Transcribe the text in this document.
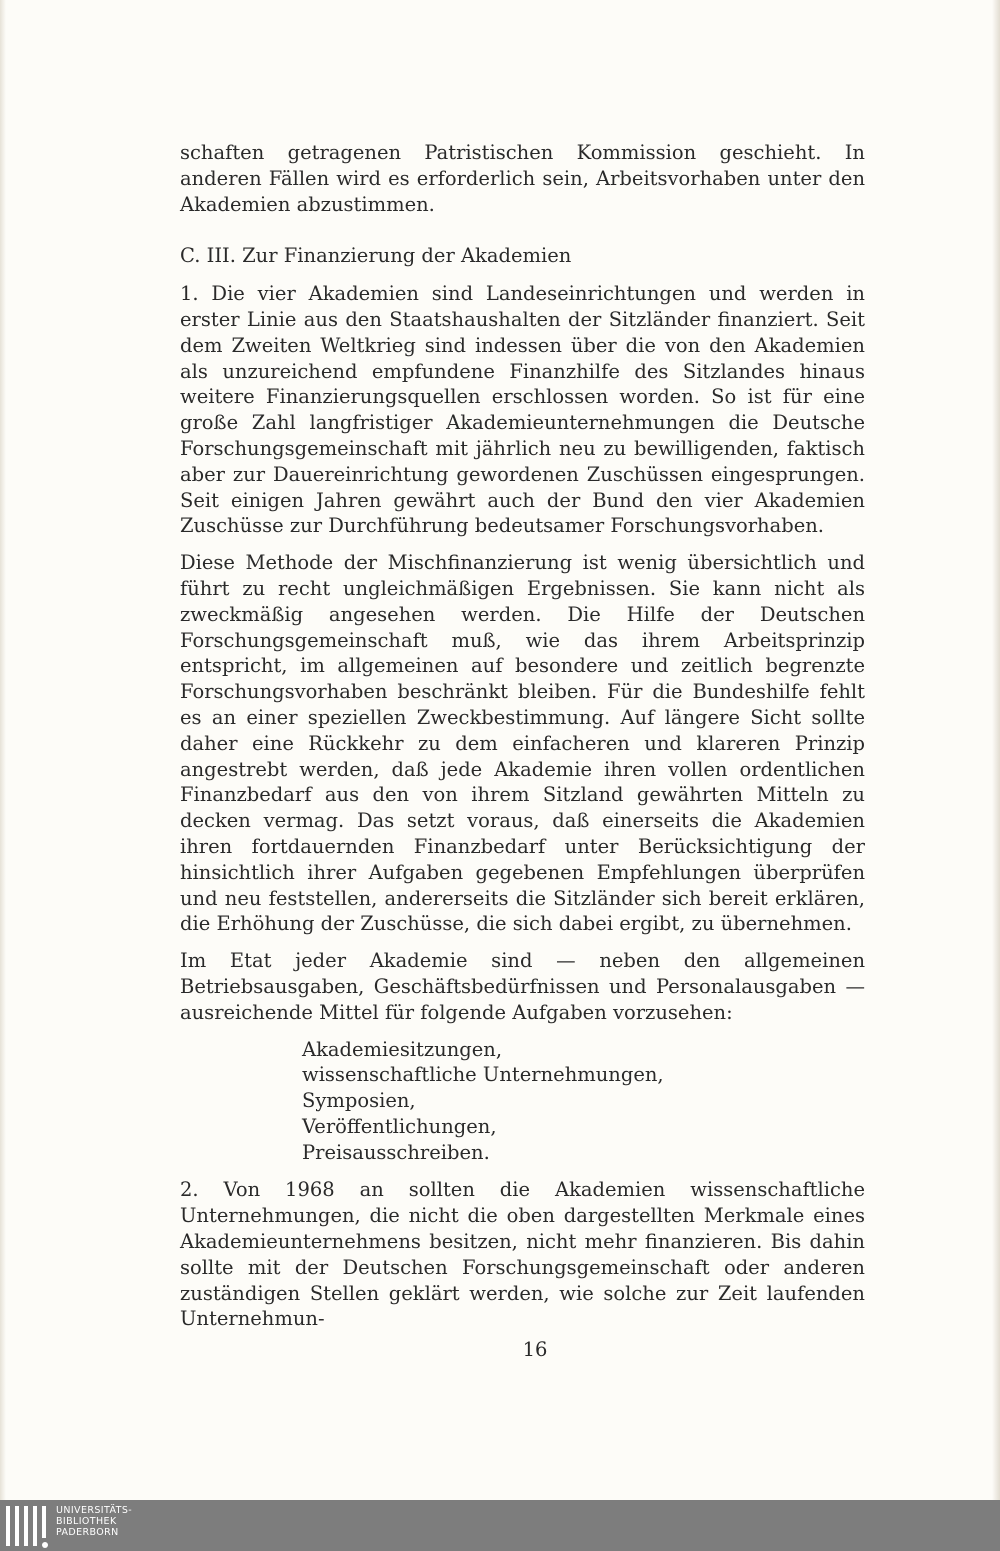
schaften getragenen Patristischen Kommission geschieht. In anderen Fällen wird es erforderlich sein, Arbeitsvorhaben unter den Akademien abzustimmen.

C. III. Zur Finanzierung der Akademien

1. Die vier Akademien sind Landeseinrichtungen und werden in erster Linie aus den Staatshaushalten der Sitzländer finanziert. Seit dem Zweiten Weltkrieg sind indessen über die von den Akademien als unzureichend empfundene Finanzhilfe des Sitzlandes hinaus weitere Finanzierungsquellen erschlossen worden. So ist für eine große Zahl langfristiger Akademieunternehmungen die Deutsche Forschungsgemeinschaft mit jährlich neu zu bewilligenden, faktisch aber zur Dauereinrichtung gewordenen Zuschüssen eingesprungen. Seit einigen Jahren gewährt auch der Bund den vier Akademien Zuschüsse zur Durchführung bedeutsamer Forschungsvorhaben.

Diese Methode der Mischfinanzierung ist wenig übersichtlich und führt zu recht ungleichmäßigen Ergebnissen. Sie kann nicht als zweckmäßig angesehen werden. Die Hilfe der Deutschen Forschungsgemeinschaft muß, wie das ihrem Arbeitsprinzip entspricht, im allgemeinen auf besondere und zeitlich begrenzte Forschungsvorhaben beschränkt bleiben. Für die Bundeshilfe fehlt es an einer speziellen Zweckbestimmung. Auf längere Sicht sollte daher eine Rückkehr zu dem einfacheren und klareren Prinzip angestrebt werden, daß jede Akademie ihren vollen ordentlichen Finanzbedarf aus den von ihrem Sitzland gewährten Mitteln zu decken vermag. Das setzt voraus, daß einerseits die Akademien ihren fortdauernden Finanzbedarf unter Berücksichtigung der hinsichtlich ihrer Aufgaben gegebenen Empfehlungen überprüfen und neu feststellen, andererseits die Sitzländer sich bereit erklären, die Erhöhung der Zuschüsse, die sich dabei ergibt, zu übernehmen.

Im Etat jeder Akademie sind — neben den allgemeinen Betriebsausgaben, Geschäftsbedürfnissen und Personalausgaben — ausreichende Mittel für folgende Aufgaben vorzusehen:

Akademiesitzungen,
wissenschaftliche Unternehmungen,
Symposien,
Veröffentlichungen,
Preisausschreiben.

2. Von 1968 an sollten die Akademien wissenschaftliche Unternehmungen, die nicht die oben dargestellten Merkmale eines Akademieunternehmens besitzen, nicht mehr finanzieren. Bis dahin sollte mit der Deutschen Forschungsgemeinschaft oder anderen zuständigen Stellen geklärt werden, wie solche zur Zeit laufenden Unternehmun-

16
UNIVERSITÄTS-
BIBLIOTHEK
PADERBORN
